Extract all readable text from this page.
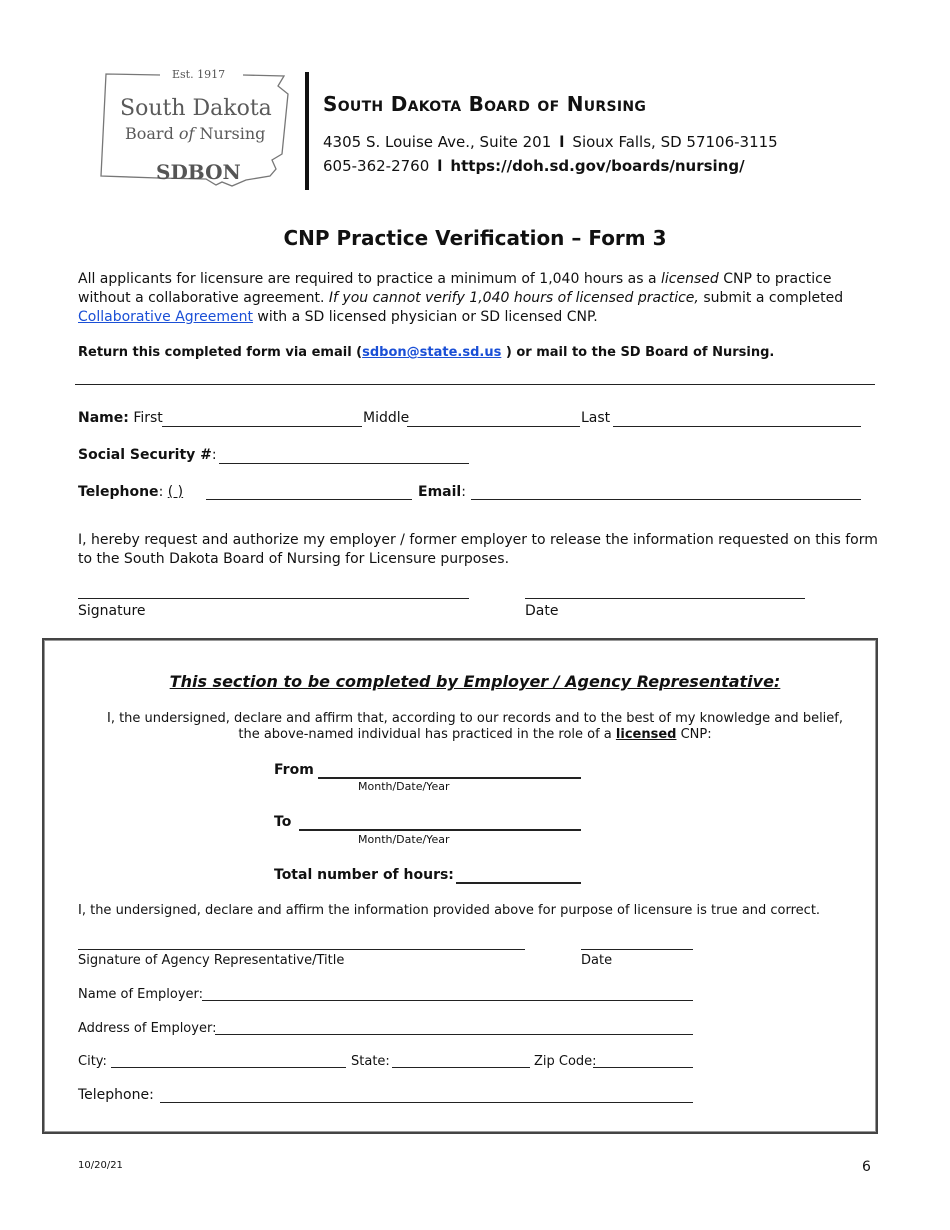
Est. 1917
South Dakota
Board of Nursing
SDBON
South Dakota Board of Nursing
4305 S. Louise Ave., Suite 201 l Sioux Falls, SD 57106-3115
605-362-2760 l https://doh.sd.gov/boards/nursing/
CNP Practice Verification – Form 3
All applicants for licensure are required to practice a minimum of 1,040 hours as a licensed CNP to practice without a collaborative agreement. If you cannot verify 1,040 hours of licensed practice, submit a completed Collaborative Agreement with a SD licensed physician or SD licensed CNP.
Return this completed form via email (sdbon@state.sd.us ) or mail to the SD Board of Nursing.
Name: First	Middle	Last
Social Security #:
Telephone: ( )	Email:
I, hereby request and authorize my employer / former employer to release the information requested on this form to the South Dakota Board of Nursing for Licensure purposes.
Signature	Date
This section to be completed by Employer / Agency Representative:
I, the undersigned, declare and affirm that, according to our records and to the best of my knowledge and belief,
the above-named individual has practiced in the role of a licensed CNP:
From
Month/Date/Year
To
Month/Date/Year
Total number of hours:
I, the undersigned, declare and affirm the information provided above for purpose of licensure is true and correct.
Signature of Agency Representative/Title	Date
Name of Employer:
Address of Employer:
City:	State:	Zip Code:
Telephone:
10/20/21	6
